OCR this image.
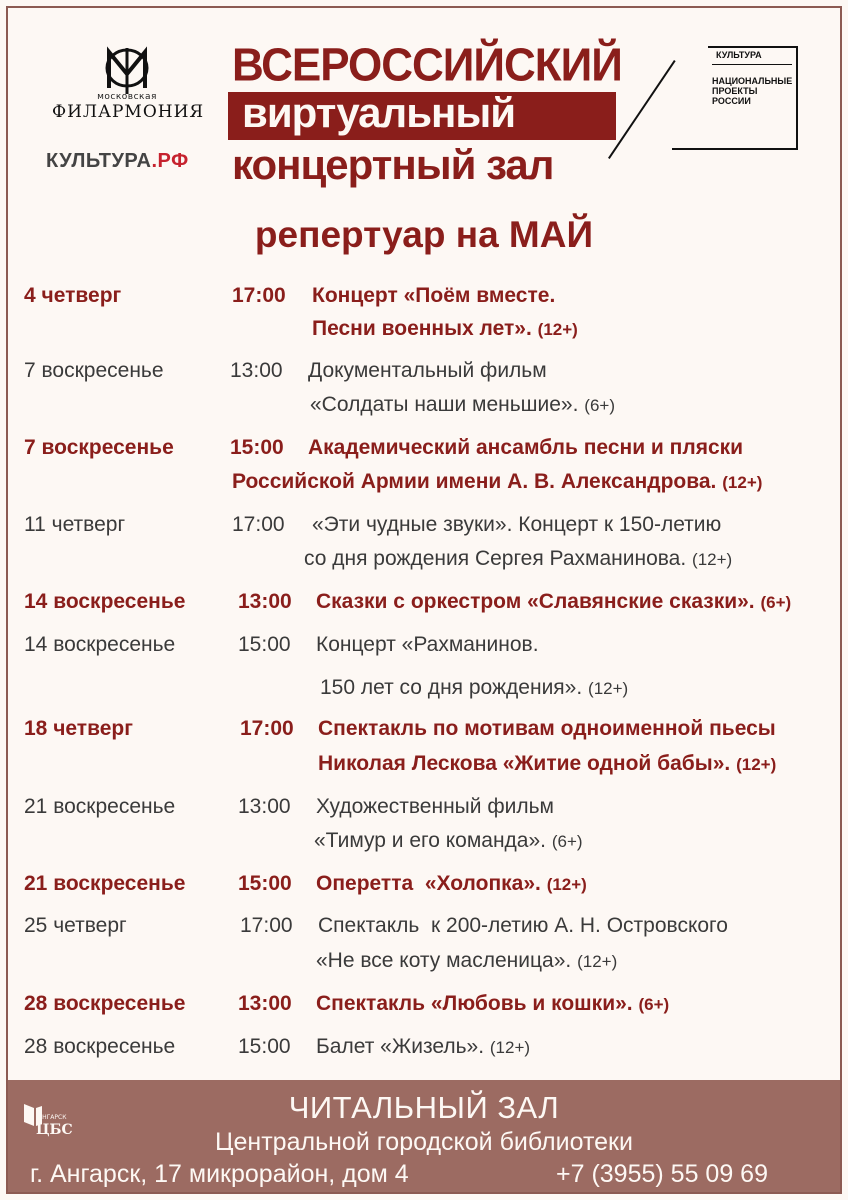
московская
ФИЛАРМОНИЯ
КУЛЬТУРА.РФ
ВСЕРОССИЙСКИЙ
виртуальный
концертный зал
КУЛЬТУРА
НАЦИОНАЛЬНЫЕ
ПРОЕКТЫ
РОССИИ
репертуар на МАЙ
4 четверг	17:00 Концерт «Поём вместе.
Песни военных лет». (12+)
7 воскресенье	13:00 Документальный фильм
«Солдаты наши меньшие». (6+)
7 воскресенье	15:00 Академический ансамбль песни и пляски
Российской Армии имени А. В. Александрова. (12+)
11 четверг	17:00 «Эти чудные звуки». Концерт к 150-летию
со дня рождения Сергея Рахманинова. (12+)
14 воскресенье	13:00 Сказки с оркестром «Славянские сказки». (6+)
14 воскресенье	15:00 Концерт «Рахманинов.
150 лет со дня рождения». (12+)
18 четверг	17:00 Спектакль по мотивам одноименной пьесы
Николая Лескова «Житие одной бабы». (12+)
21 воскресенье	13:00 Художественный фильм
«Тимур и его команда». (6+)
21 воскресенье	15:00 Оперетта  «Холопка». (12+)
25 четверг	17:00 Спектакль  к 200-летию А. Н. Островского
«Не все коту масленица». (12+)
28 воскресенье	13:00 Спектакль «Любовь и кошки». (6+)
28 воскресенье	15:00 Балет «Жизель». (12+)
АНГАРСК
ЦБС
ЧИТАЛЬНЫЙ ЗАЛ
Центральной городской библиотеки
г. Ангарск, 17 микрорайон, дом 4	+7 (3955) 55 09 69
